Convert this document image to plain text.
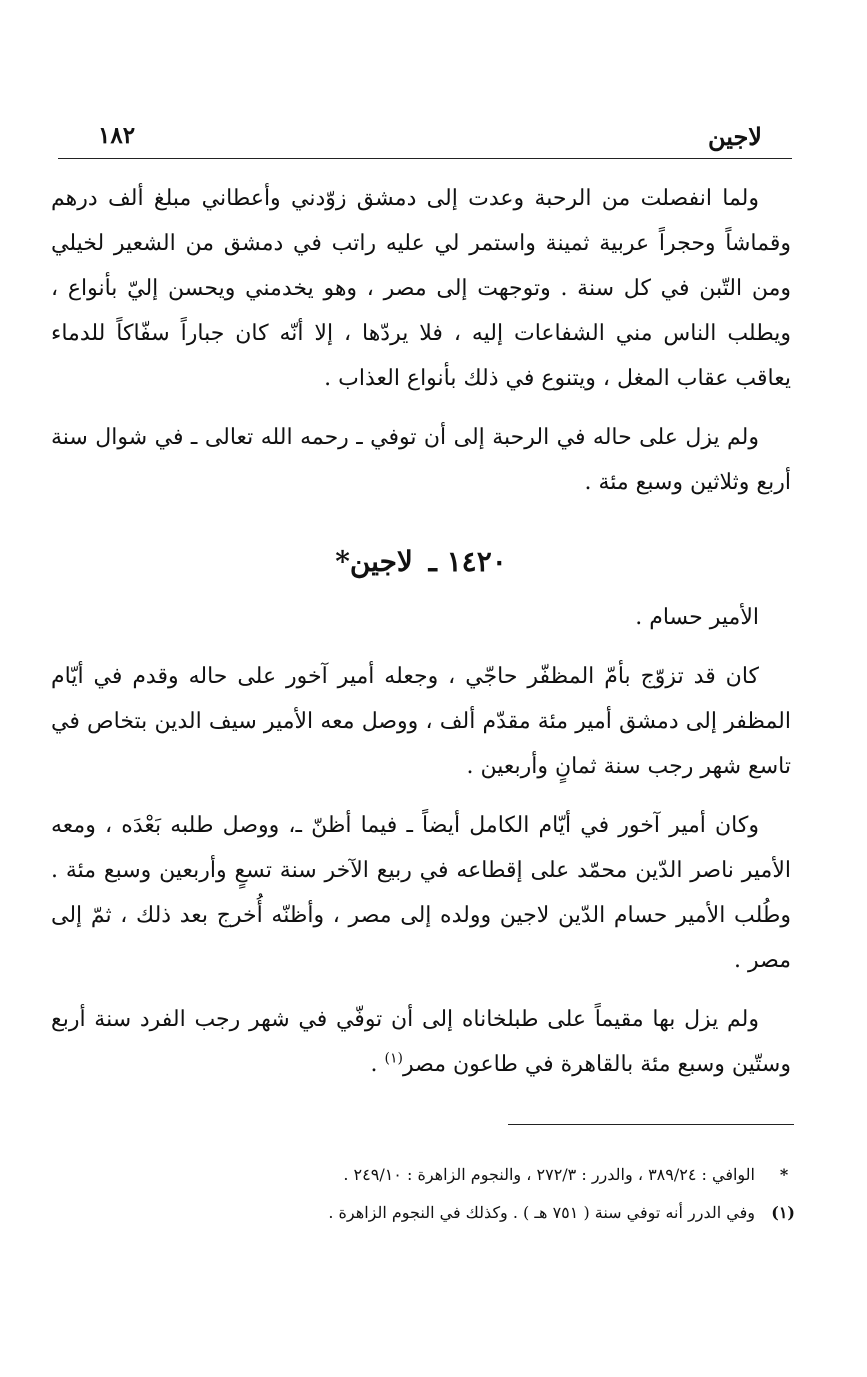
لاجين
١٨٢

ولما انفصلت من الرحبة وعدت إلى دمشق زوّدني وأعطاني مبلغ ألف درهم وقماشاً وحجراً عربية ثمينة واستمر لي عليه راتب في دمشق من الشعير لخيلي ومن التّبن في كل سنة . وتوجهت إلى مصر ، وهو يخدمني ويحسن إليّ بأنواع ، ويطلب الناس مني الشفاعات إليه ، فلا يردّها ، إلا أنّه كان جباراً سفّاكاً للدماء يعاقب عقاب المغل ، ويتنوع في ذلك بأنواع العذاب .

ولم يزل على حاله في الرحبة إلى أن توفي ـ رحمه الله تعالى ـ في شوال سنة أربع وثلاثين وسبع مئة .

١٤٢٠ ـ لاجين*

الأمير حسام .

كان قد تزوّج بأمّ المظفّر حاجّي ، وجعله أمير آخور على حاله وقدم في أيّام المظفر إلى دمشق أمير مئة مقدّم ألف ، ووصل معه الأمير سيف الدين بتخاص في تاسع شهر رجب سنة ثمانٍ وأربعين .

وكان أمير آخور في أيّام الكامل أيضاً ـ فيما أظنّ ـ، ووصل طلبه بَعْدَه ، ومعه الأمير ناصر الدّين محمّد على إقطاعه في ربيع الآخر سنة تسعٍ وأربعين وسبع مئة . وطُلب الأمير حسام الدّين لاجين وولده إلى مصر ، وأظنّه أُخرج بعد ذلك ، ثمّ إلى مصر .

ولم يزل بها مقيماً على طبلخاناه إلى أن توفّي في شهر رجب الفرد سنة أربع وستّين وسبع مئة بالقاهرة في طاعون مصر$^{(١)}$ .

*
الوافي : ٣٨٩/٢٤ ، والدرر : ٢٧٢/٣ ، والنجوم الزاهرة : ٢٤٩/١٠ .
(١)
وفي الدرر أنه توفي سنة ( ٧٥١ هـ ) . وكذلك في النجوم الزاهرة .
